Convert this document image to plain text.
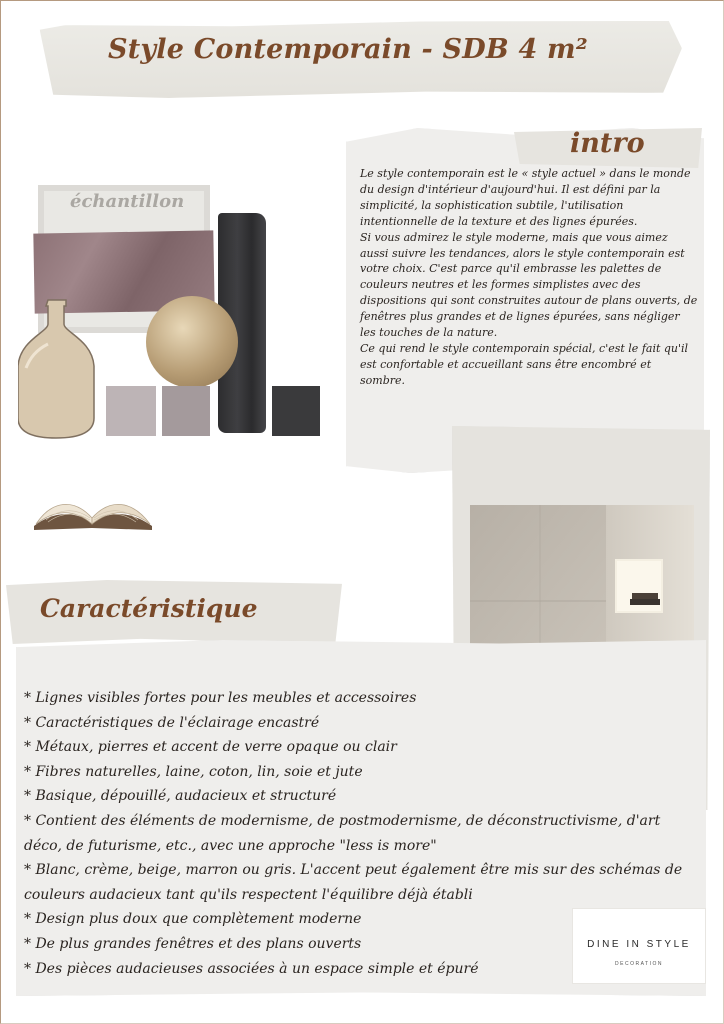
Style Contemporain - SDB 4 m²
intro

Le style contemporain est le « style actuel » dans le monde du design d'intérieur d'aujourd'hui. Il est défini par la simplicité, la sophistication subtile, l'utilisation intentionnelle de la texture et des lignes épurées.

Si vous admirez le style moderne, mais que vous aimez aussi suivre les tendances, alors le style contemporain est votre choix. C'est parce qu'il embrasse les palettes de couleurs neutres et les formes simplistes avec des dispositions qui sont construites autour de plans ouverts, de fenêtres plus grandes et de lignes épurées, sans négliger les touches de la nature.

Ce qui rend le style contemporain spécial, c'est le fait qu'il est confortable et accueillant sans être encombré et sombre.

échantillon
Caractéristique
* Lignes visibles fortes pour les meubles et accessoires
* Caractéristiques de l'éclairage encastré
* Métaux, pierres et accent de verre opaque ou clair
* Fibres naturelles, laine, coton, lin, soie et jute
* Basique, dépouillé, audacieux et structuré
* Contient des éléments de modernisme, de postmodernisme, de déconstructivisme, d'art déco, de futurisme, etc., avec une approche "less is more"
* Blanc, crème, beige, marron ou gris. L'accent peut également être mis sur des schémas de couleurs audacieux tant qu'ils respectent l'équilibre déjà établi
* Design plus doux que complètement moderne
* De plus grandes fenêtres et des plans ouverts
* Des pièces audacieuses associées à un espace simple et épuré
DINE IN STYLE
DECORATION
